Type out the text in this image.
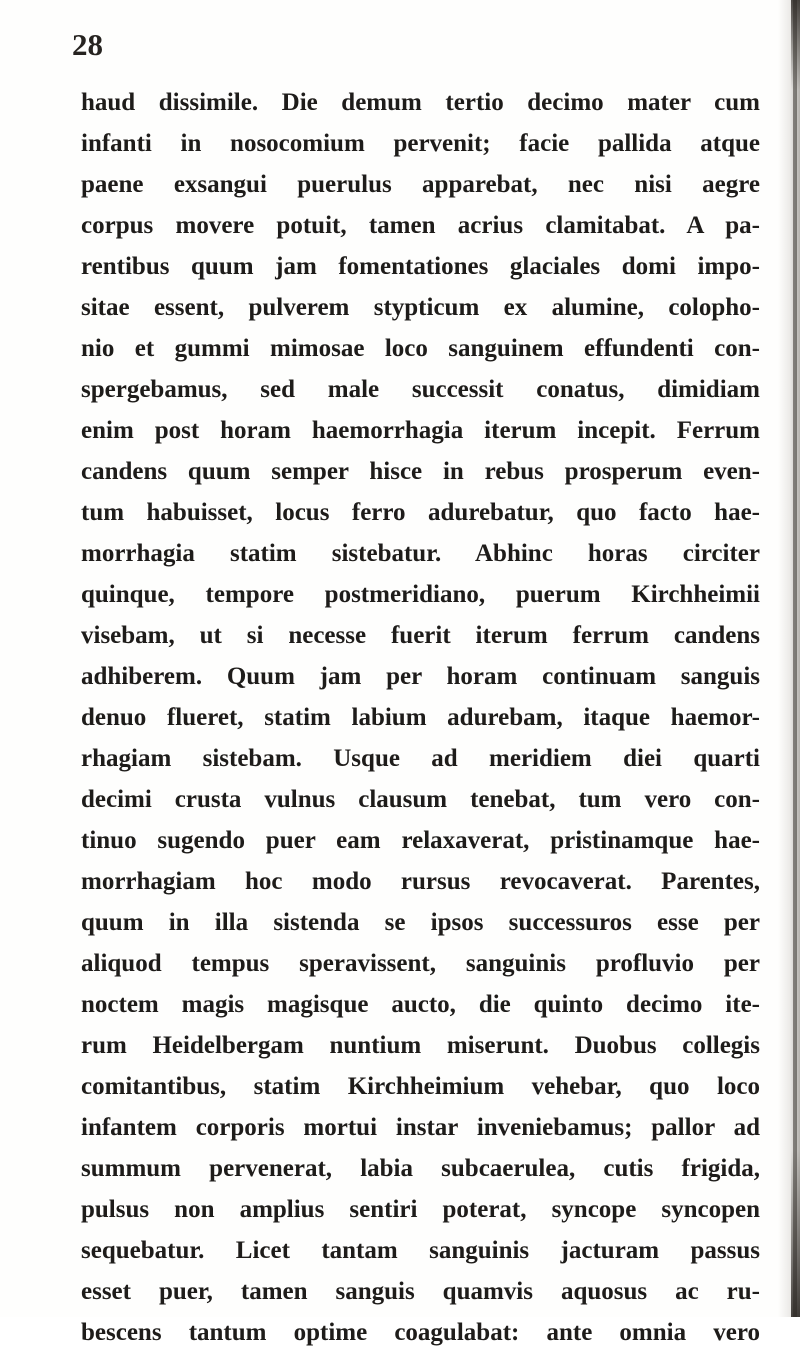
28
haud dissimile. Die demum tertio decimo mater cum
infanti in nosocomium pervenit; facie pallida atque
paene exsangui puerulus apparebat, nec nisi aegre
corpus movere potuit, tamen acrius clamitabat. A pa-
rentibus quum jam fomentationes glaciales domi impo-
sitae essent, pulverem stypticum ex alumine, colopho-
nio et gummi mimosae loco sanguinem effundenti con-
spergebamus, sed male successit conatus, dimidiam
enim post horam haemorrhagia iterum incepit. Ferrum
candens quum semper hisce in rebus prosperum even-
tum habuisset, locus ferro adurebatur, quo facto hae-
morrhagia statim sistebatur. Abhinc horas circiter
quinque, tempore postmeridiano, puerum Kirchheimii
visebam, ut si necesse fuerit iterum ferrum candens
adhiberem. Quum jam per horam continuam sanguis
denuo flueret, statim labium adurebam, itaque haemor-
rhagiam sistebam. Usque ad meridiem diei quarti
decimi crusta vulnus clausum tenebat, tum vero con-
tinuo sugendo puer eam relaxaverat, pristinamque hae-
morrhagiam hoc modo rursus revocaverat. Parentes,
quum in illa sistenda se ipsos successuros esse per
aliquod tempus speravissent, sanguinis profluvio per
noctem magis magisque aucto, die quinto decimo ite-
rum Heidelbergam nuntium miserunt. Duobus collegis
comitantibus, statim Kirchheimium vehebar, quo loco
infantem corporis mortui instar inveniebamus; pallor ad
summum pervenerat, labia subcaerulea, cutis frigida,
pulsus non amplius sentiri poterat, syncope syncopen
sequebatur. Licet tantam sanguinis jacturam passus
esset puer, tamen sanguis quamvis aquosus ac ru-
bescens tantum optime coagulabat: ante omnia vero
